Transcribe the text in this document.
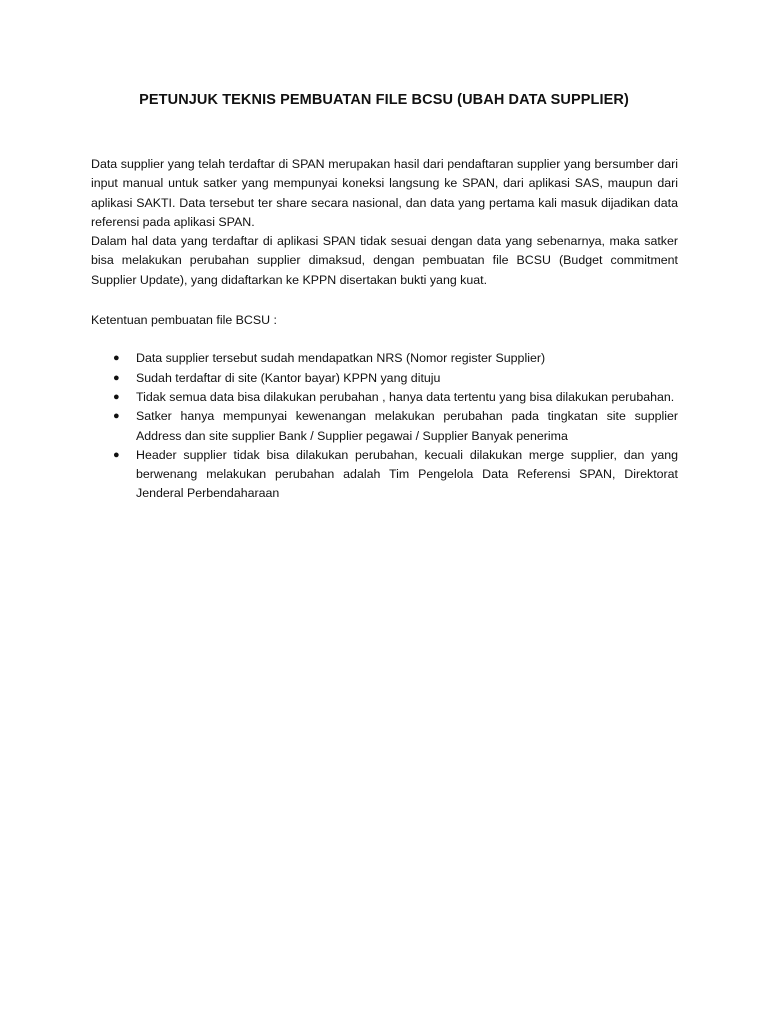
PETUNJUK TEKNIS PEMBUATAN FILE BCSU (UBAH DATA SUPPLIER)

Data supplier yang telah terdaftar di SPAN merupakan hasil dari pendaftaran supplier yang bersumber dari input manual untuk satker yang mempunyai koneksi langsung ke SPAN, dari aplikasi SAS, maupun dari aplikasi SAKTI. Data tersebut ter share secara nasional, dan data yang pertama kali masuk dijadikan data referensi pada aplikasi SPAN.

Dalam hal data yang terdaftar di aplikasi SPAN tidak sesuai dengan data yang sebenarnya, maka satker bisa melakukan perubahan supplier dimaksud, dengan pembuatan file BCSU (Budget commitment Supplier Update), yang didaftarkan ke KPPN disertakan bukti yang kuat.

Ketentuan pembuatan file BCSU :

● Data supplier tersebut sudah mendapatkan NRS (Nomor register Supplier)
● Sudah terdaftar di site (Kantor bayar) KPPN yang dituju
● Tidak semua data bisa dilakukan perubahan , hanya data tertentu yang bisa dilakukan perubahan.
● Satker hanya mempunyai kewenangan melakukan perubahan pada tingkatan site supplier Address dan site supplier Bank / Supplier pegawai / Supplier Banyak penerima
● Header supplier tidak bisa dilakukan perubahan, kecuali dilakukan merge supplier, dan yang berwenang melakukan perubahan adalah Tim Pengelola Data Referensi SPAN, Direktorat Jenderal Perbendaharaan
